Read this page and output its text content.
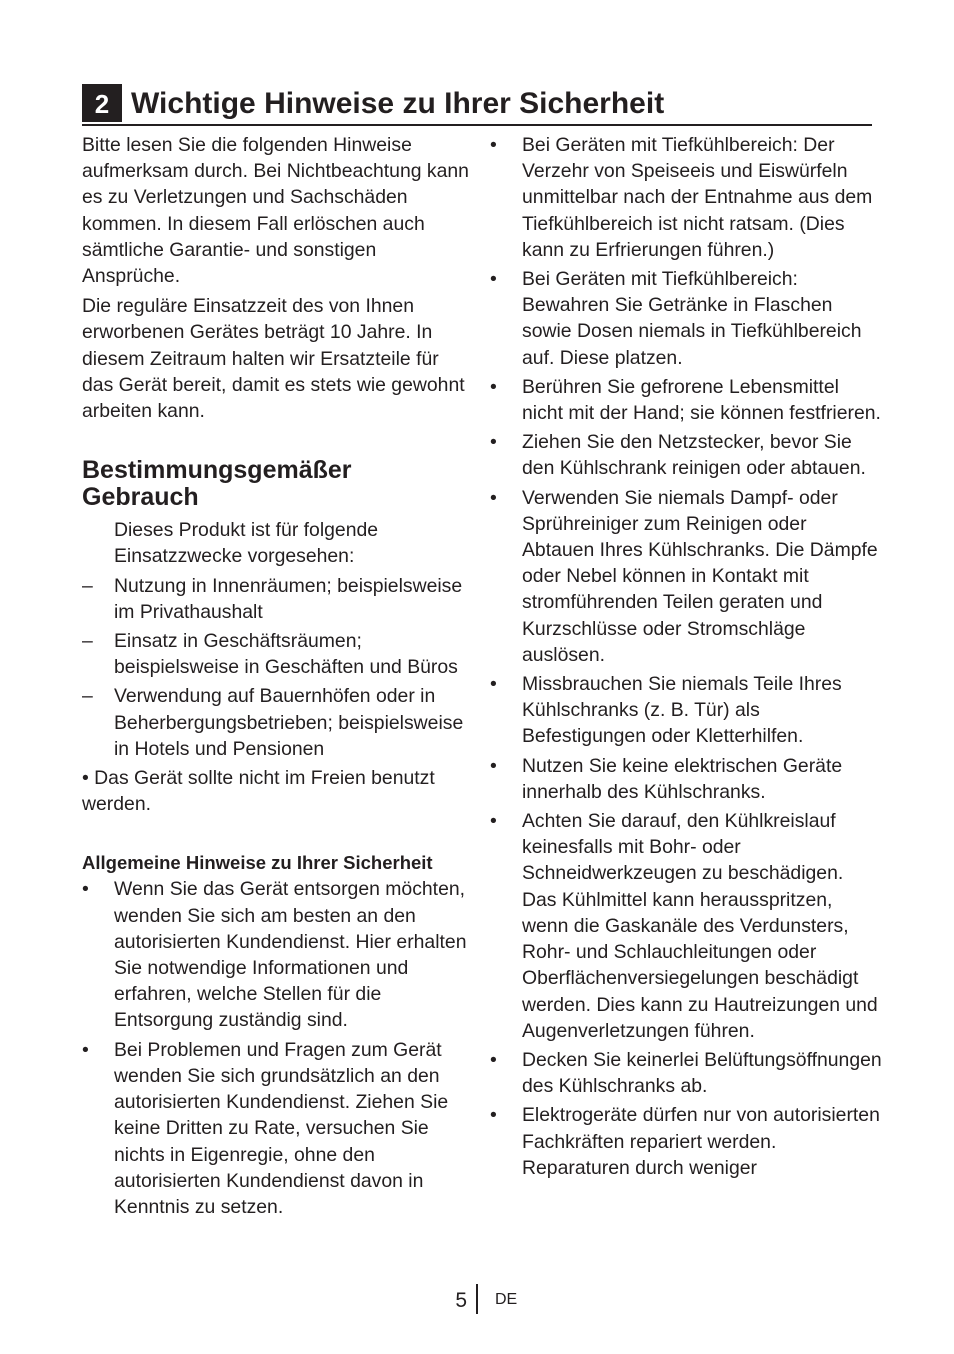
2 Wichtige Hinweise zu Ihrer Sicherheit

Bitte lesen Sie die folgenden Hinweise aufmerksam durch. Bei Nichtbeachtung kann es zu Verletzungen und Sachschäden kommen. In diesem Fall erlöschen auch sämtliche Garantie- und sonstigen Ansprüche.

Die reguläre Einsatzzeit des von Ihnen erworbenen Gerätes beträgt 10 Jahre. In diesem Zeitraum halten wir Ersatzteile für das Gerät bereit, damit es stets wie gewohnt arbeiten kann.

Bestimmungsgemäßer Gebrauch

Dieses Produkt ist für folgende Einsatzzwecke vorgesehen:

–	Nutzung in Innenräumen; beispielsweise im Privathaushalt
–	Einsatz in Geschäftsräumen; beispielsweise in Geschäften und Büros
–	Verwendung auf Bauernhöfen oder in Beherbergungsbetrieben; beispielsweise in Hotels und Pensionen

• Das Gerät sollte nicht im Freien benutzt werden.

Allgemeine Hinweise zu Ihrer Sicherheit
•	Wenn Sie das Gerät entsorgen möchten, wenden Sie sich am besten an den autorisierten Kundendienst. Hier erhalten Sie notwendige Informationen und erfahren, welche Stellen für die Entsorgung zuständig sind.
•	Bei Problemen und Fragen zum Gerät wenden Sie sich grundsätzlich an den autorisierten Kundendienst. Ziehen Sie keine Dritten zu Rate, versuchen Sie nichts in Eigenregie, ohne den autorisierten Kundendienst davon in Kenntnis zu setzen.
•	Bei Geräten mit Tiefkühlbereich: Der Verzehr von Speiseeis und Eiswürfeln unmittelbar nach der Entnahme aus dem Tiefkühlbereich ist nicht ratsam. (Dies kann zu Erfrierungen führen.)
•	Bei Geräten mit Tiefkühlbereich: Bewahren Sie Getränke in Flaschen sowie Dosen niemals in Tiefkühlbereich auf. Diese platzen.
•	Berühren Sie gefrorene Lebensmittel nicht mit der Hand; sie können festfrieren.
•	Ziehen Sie den Netzstecker, bevor Sie den Kühlschrank reinigen oder abtauen.
•	Verwenden Sie niemals Dampf- oder Sprühreiniger zum Reinigen oder Abtauen Ihres Kühlschranks. Die Dämpfe oder Nebel können in Kontakt mit stromführenden Teilen geraten und Kurzschlüsse oder Stromschläge auslösen.
•	Missbrauchen Sie niemals Teile Ihres Kühlschranks (z. B. Tür) als Befestigungen oder Kletterhilfen.
•	Nutzen Sie keine elektrischen Geräte innerhalb des Kühlschranks.
•	Achten Sie darauf, den Kühlkreislauf keinesfalls mit Bohr- oder Schneidwerkzeugen zu beschädigen. Das Kühlmittel kann herausspritzen, wenn die Gaskanäle des Verdunsters, Rohr- und Schlauchleitungen oder Oberflächenversiegelungen beschädigt werden. Dies kann zu Hautreizungen und Augenverletzungen führen.
•	Decken Sie keinerlei Belüftungsöffnungen des Kühlschranks ab.
•	Elektrogeräte dürfen nur von autorisierten Fachkräften repariert werden. Reparaturen durch weniger
5 DE
